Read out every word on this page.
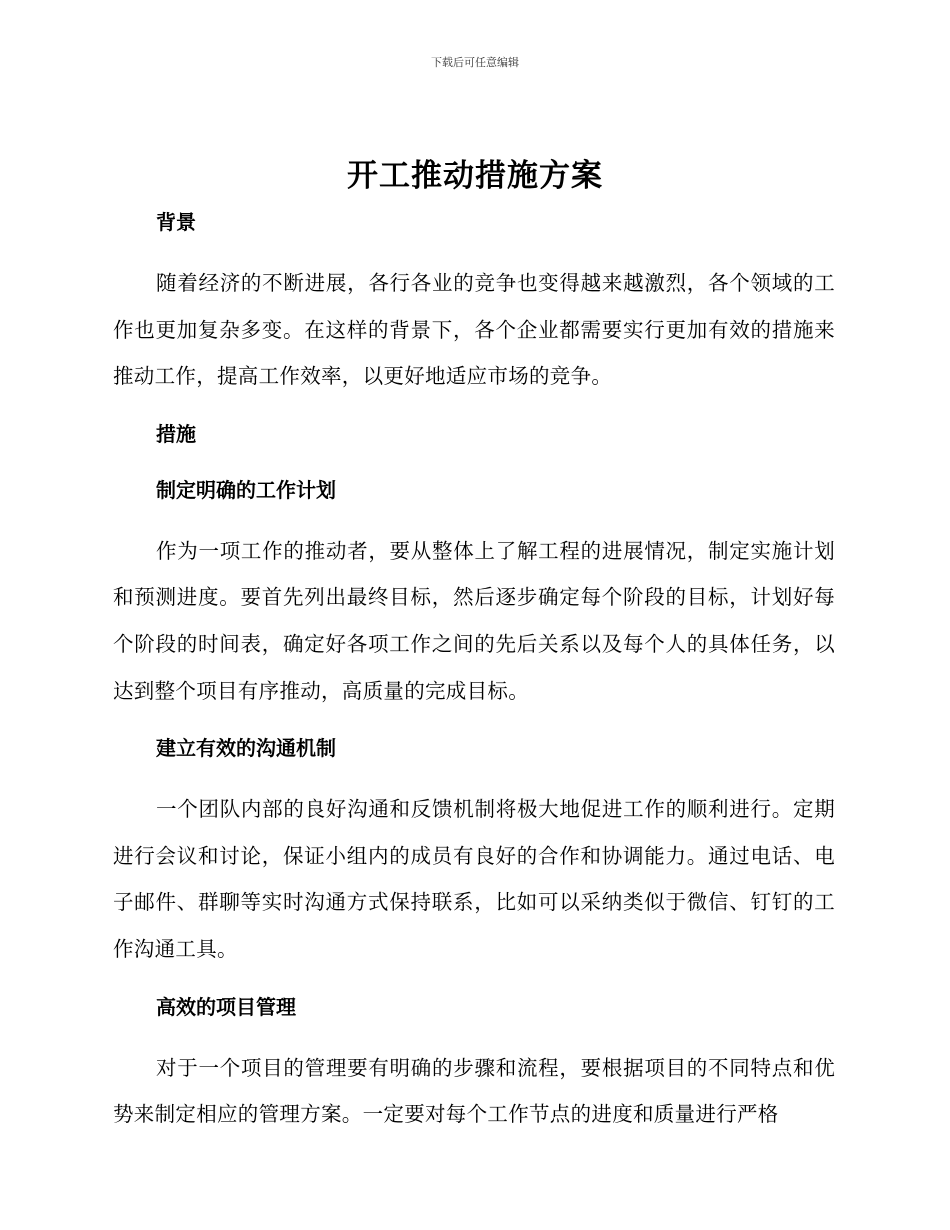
下载后可任意编辑
开工推动措施方案
背景

随着经济的不断进展，各行各业的竞争也变得越来越激烈，各个领域的工作也更加复杂多变。在这样的背景下，各个企业都需要实行更加有效的措施来推动工作，提高工作效率，以更好地适应市场的竞争。

措施
制定明确的工作计划

作为一项工作的推动者，要从整体上了解工程的进展情况，制定实施计划和预测进度。要首先列出最终目标，然后逐步确定每个阶段的目标，计划好每个阶段的时间表，确定好各项工作之间的先后关系以及每个人的具体任务，以达到整个项目有序推动，高质量的完成目标。

建立有效的沟通机制

一个团队内部的良好沟通和反馈机制将极大地促进工作的顺利进行。定期进行会议和讨论，保证小组内的成员有良好的合作和协调能力。通过电话、电子邮件、群聊等实时沟通方式保持联系，比如可以采纳类似于微信、钉钉的工作沟通工具。

高效的项目管理

对于一个项目的管理要有明确的步骤和流程，要根据项目的不同特点和优势来制定相应的管理方案。一定要对每个工作节点的进度和质量进行严格
